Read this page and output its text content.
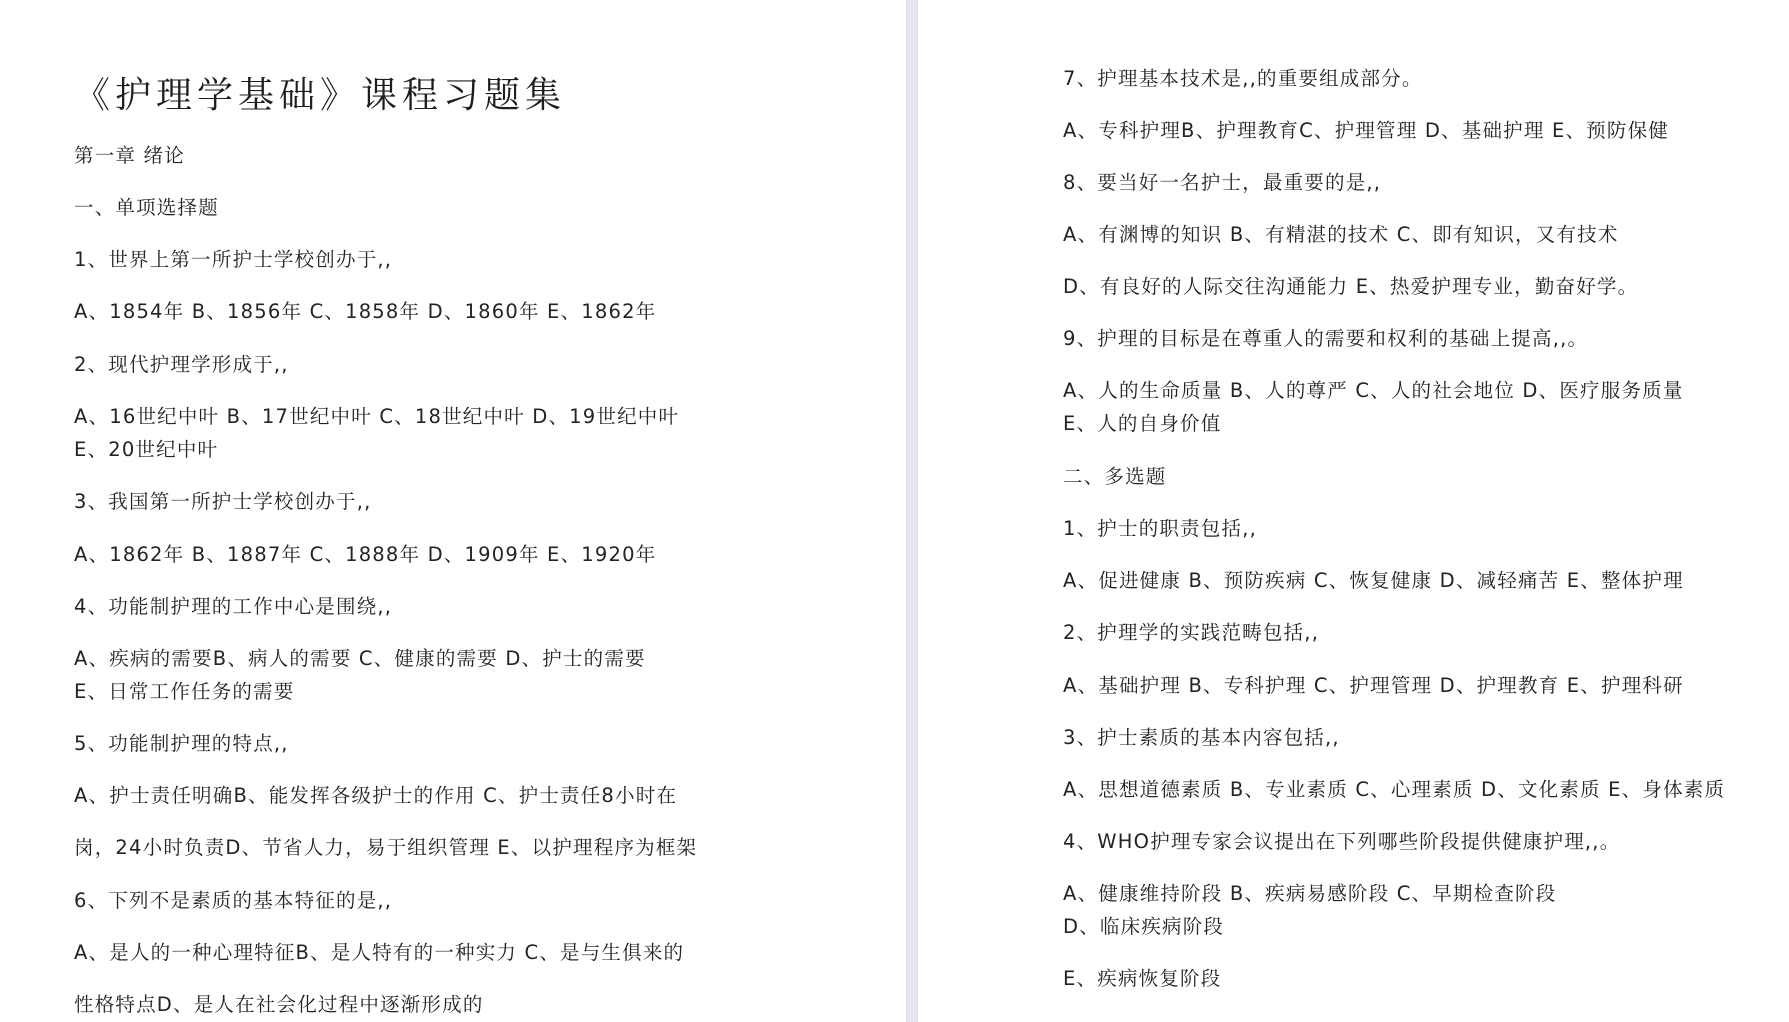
《护理学基础》课程习题集
第一章 绪论
一、单项选择题
1、世界上第一所护士学校创办于,,
A、1854年 B、1856年 C、1858年 D、1860年 E、1862年
2、现代护理学形成于,,
A、16世纪中叶 B、17世纪中叶 C、18世纪中叶 D、19世纪中叶
E、20世纪中叶
3、我国第一所护士学校创办于,,
A、1862年 B、1887年 C、1888年 D、1909年 E、1920年
4、功能制护理的工作中心是围绕,,
A、疾病的需要B、病人的需要 C、健康的需要 D、护士的需要
E、日常工作任务的需要
5、功能制护理的特点,,
A、护士责任明确B、能发挥各级护士的作用 C、护士责任8小时在
岗，24小时负责D、节省人力，易于组织管理 E、以护理程序为框架
6、下列不是素质的基本特征的是,,
A、是人的一种心理特征B、是人特有的一种实力 C、是与生俱来的
性格特点D、是人在社会化过程中逐渐形成的
7、护理基本技术是,,的重要组成部分。
A、专科护理B、护理教育C、护理管理 D、基础护理 E、预防保健
8、要当好一名护士，最重要的是,,
A、有渊博的知识 B、有精湛的技术 C、即有知识，又有技术
D、有良好的人际交往沟通能力 E、热爱护理专业，勤奋好学。
9、护理的目标是在尊重人的需要和权利的基础上提高,,。
A、人的生命质量 B、人的尊严 C、人的社会地位 D、医疗服务质量
E、人的自身价值
二、多选题
1、护士的职责包括,,
A、促进健康 B、预防疾病 C、恢复健康 D、减轻痛苦 E、整体护理
2、护理学的实践范畴包括,,
A、基础护理 B、专科护理 C、护理管理 D、护理教育 E、护理科研
3、护士素质的基本内容包括,,
A、思想道德素质 B、专业素质 C、心理素质 D、文化素质 E、身体素质
4、WHO护理专家会议提出在下列哪些阶段提供健康护理,,。
A、健康维持阶段 B、疾病易感阶段 C、早期检查阶段
D、临床疾病阶段
E、疾病恢复阶段
